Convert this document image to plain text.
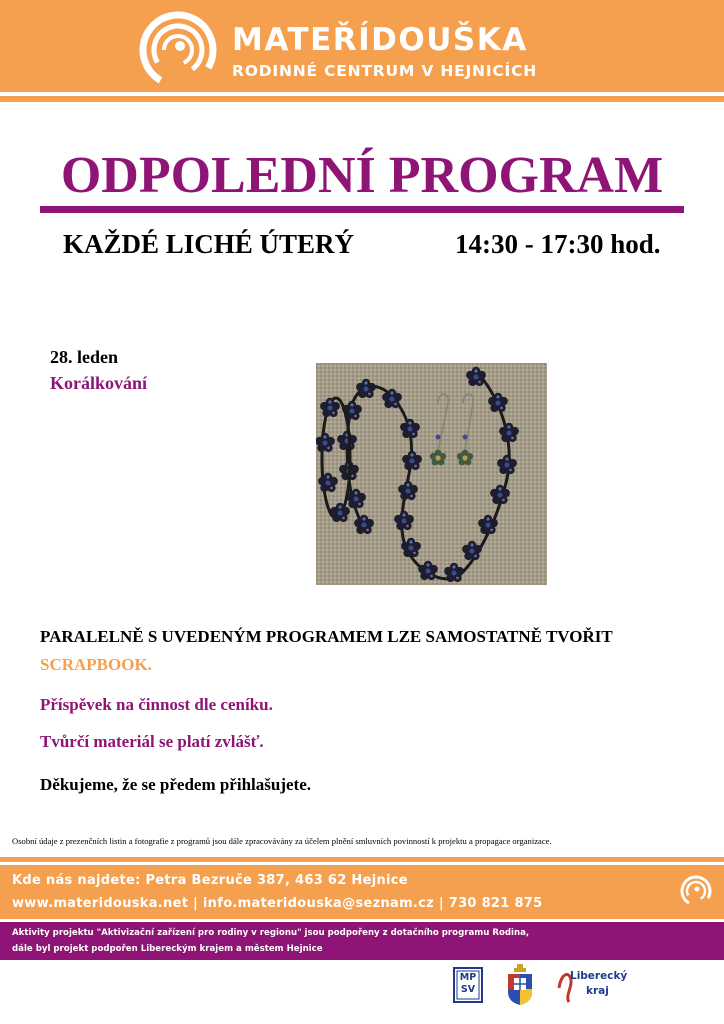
MATEŘÍDOUŠKA
RODINNÉ CENTRUM V HEJNICÍCH
ODPOLEDNÍ PROGRAM
KAŽDÉ LICHÉ ÚTERÝ	14:30 - 17:30 hod.
28. leden
Korálkování
PARALELNĚ S UVEDENÝM PROGRAMEM LZE SAMOSTATNĚ TVOŘIT  SCRAPBOOK.
Příspěvek na činnost dle ceníku.
Tvůrčí materiál se platí zvlášť.
Děkujeme, že se předem přihlašujete.
Osobní údaje z prezenčních listin a fotografie z programů jsou dále zpracovávány za účelem plnění smluvních povinností k projektu a propagace organizace.
Kde nás najdete: Petra Bezruče 387, 463 62 Hejnice
www.materidouska.net | info.materidouska@seznam.cz | 730 821 875
Aktivity projektu "Aktivizační zařízení pro rodiny v regionu" jsou podpořeny z dotačního programu Rodina,
dále byl projekt podpořen Libereckým krajem a městem Hejnice
MP SV
Liberecký
kraj
